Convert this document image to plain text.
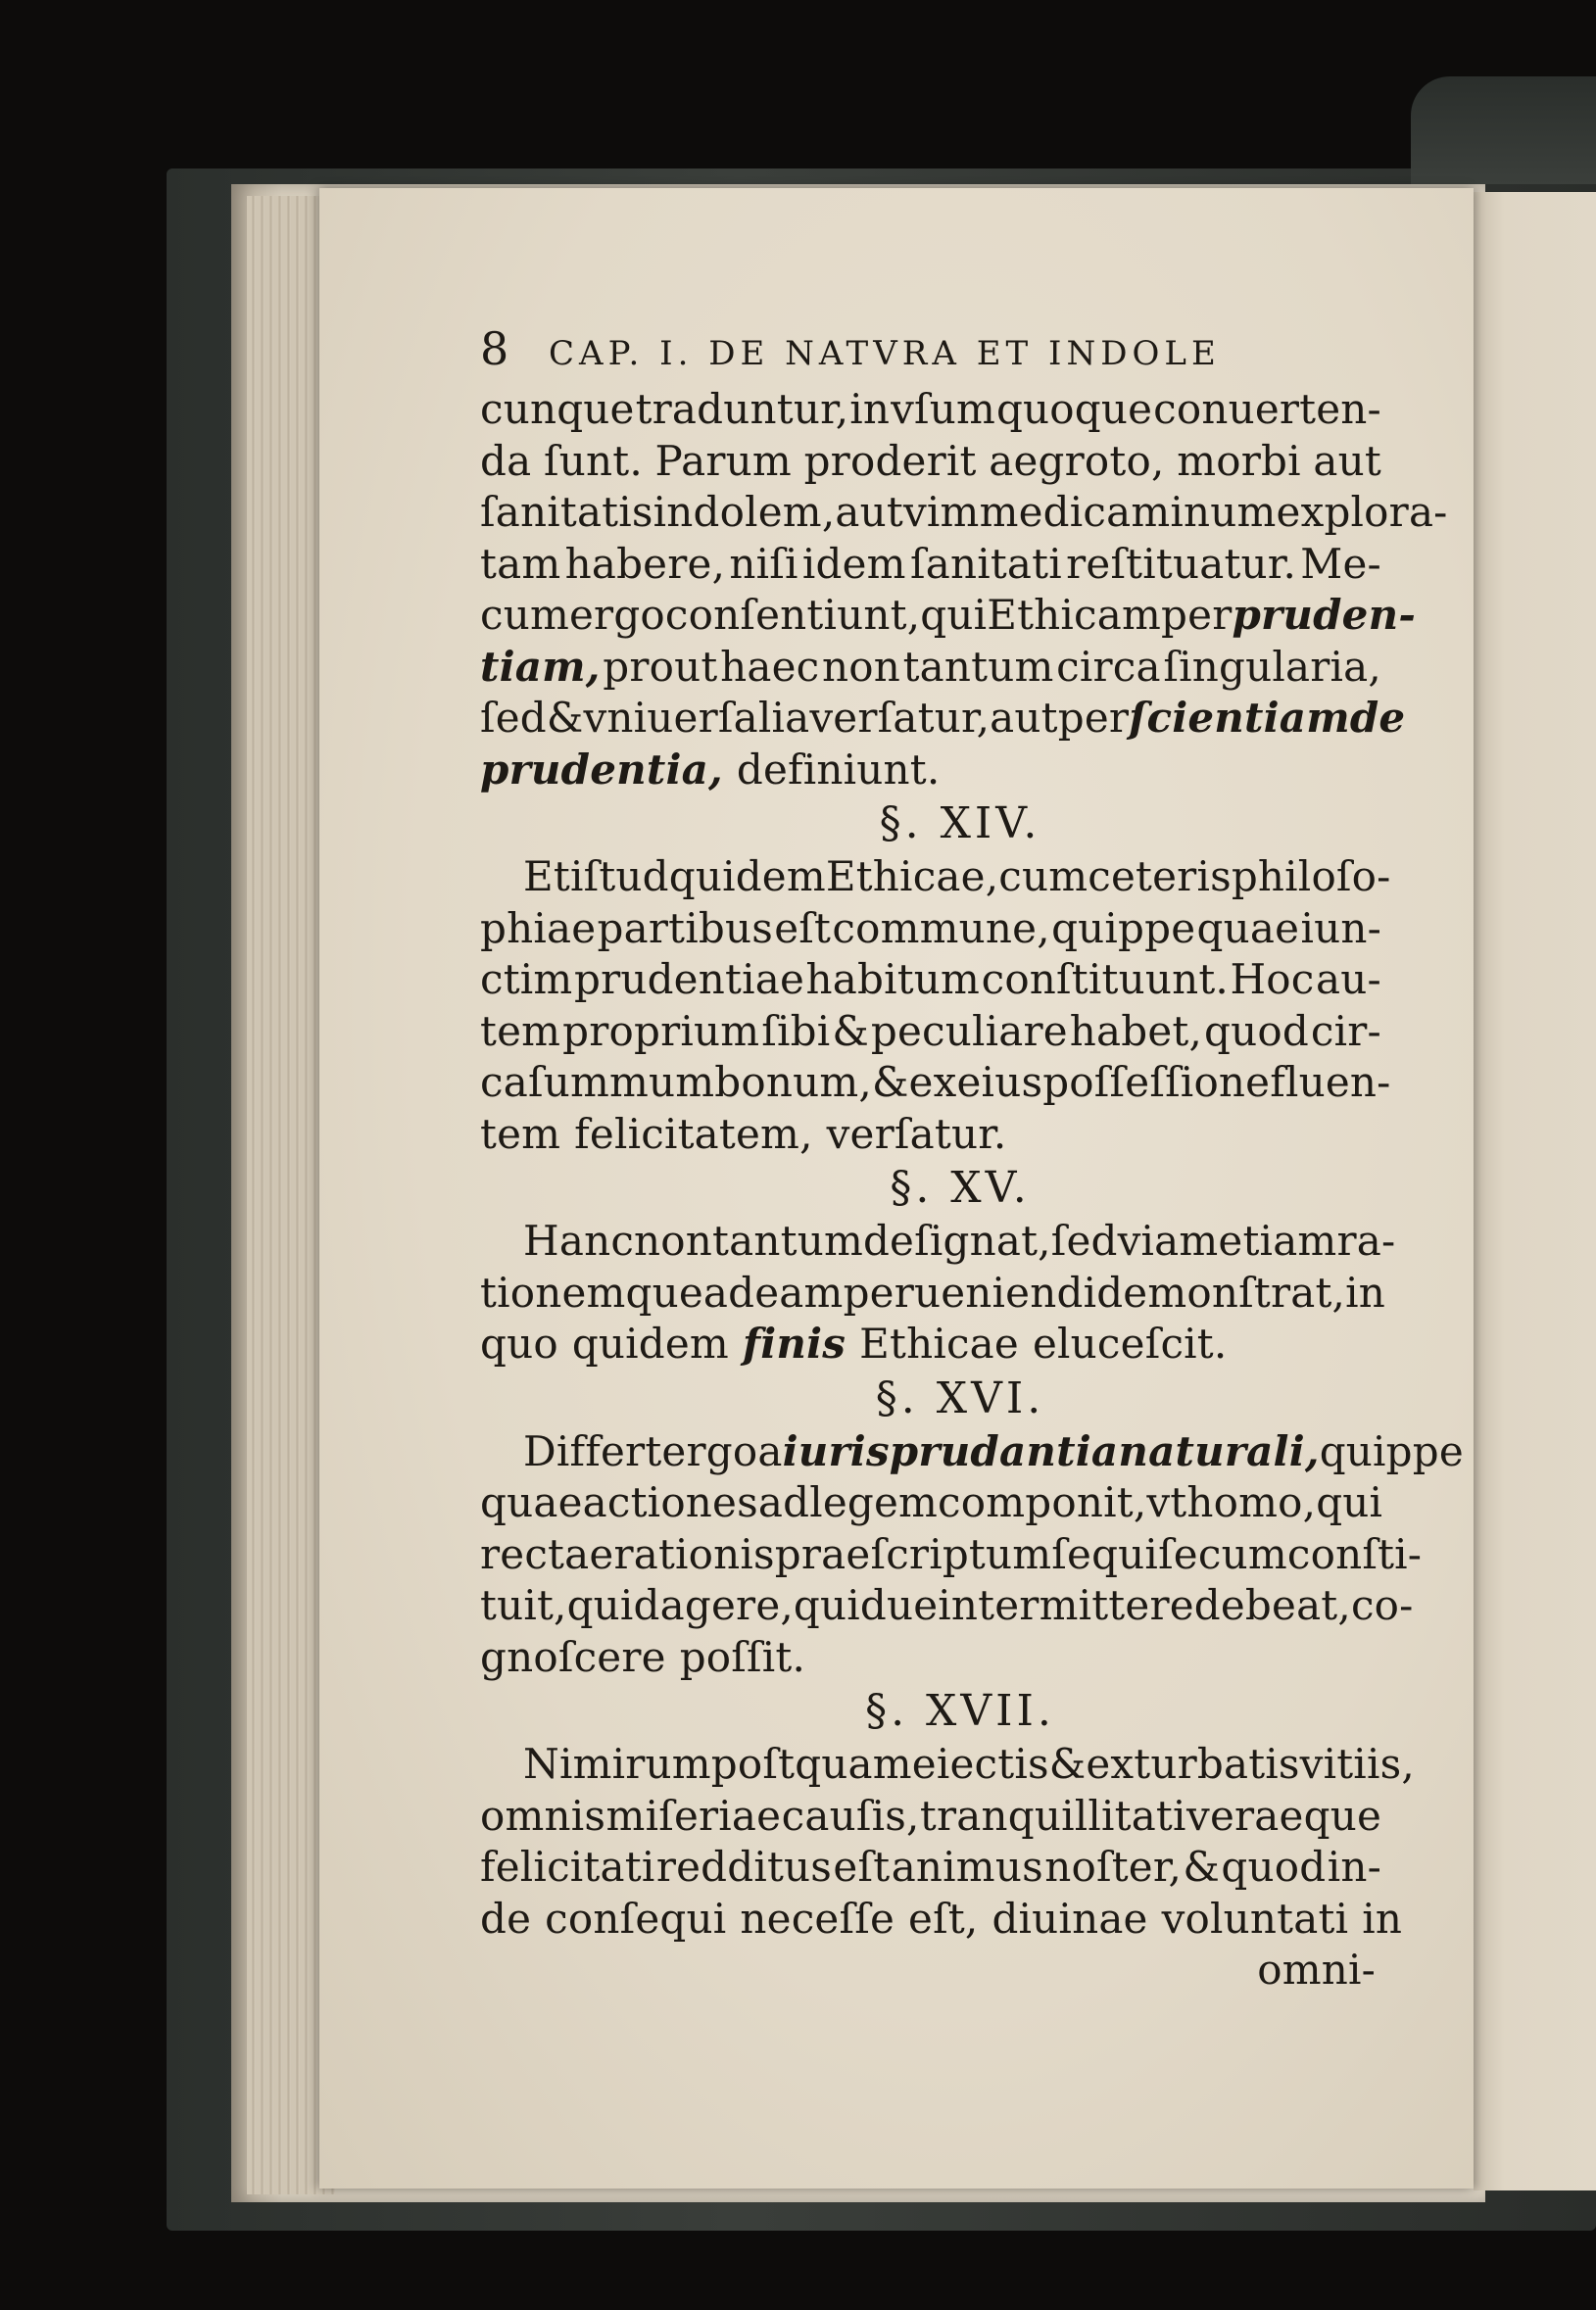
8	CAP. I. DE NATVRA ET INDOLE
cunque traduntur, in vſum quoque conuerten-
da ſunt. Parum proderit aegroto, morbi aut
ſanitatis indolem, aut vim medicaminum explora-
tam habere, niſi idem ſanitati reſtituatur. Me-
cum ergo conſentiunt, qui Ethicam per pruden-
tiam, prout haec non tantum circa ſingularia,
ſed & vniuerſalia verſatur, aut per ſcientiam de
prudentia, definiunt.
§. XIV.
Et iſtud quidem Ethicae, cum ceteris philoſo-
phiae partibus eſt commune, quippe quae iun-
ctim prudentiae habitum conſtituunt. Hoc au-
tem proprium ſibi & peculiare habet, quod cir-
ca ſummum bonum, & ex eius poſſeſſione fluen-
tem felicitatem, verſatur.
§. XV.
Hanc non tantum deſignat, ſed viam etiam ra-
tionemque ad eam perueniendi demonſtrat, in
quo quidem finis Ethicae eluceſcit.
§. XVI.
Differt ergo a iurisprudantia naturali, quippe
quae actiones ad legem componit, vt homo, qui
rectae rationis praeſcriptum ſequi ſecum conſti-
tuit, quid agere, quidue intermittere debeat, co-
gnoſcere poſſit.
§. XVII.
Nimirum poſtquam eiectis & exturbatis vitiis,
omnis miſeriae cauſis, tranquillitati veraeque
felicitati redditus eſt animus noſter, & quod in-
de conſequi neceſſe eſt, diuinae voluntati in
omni-
